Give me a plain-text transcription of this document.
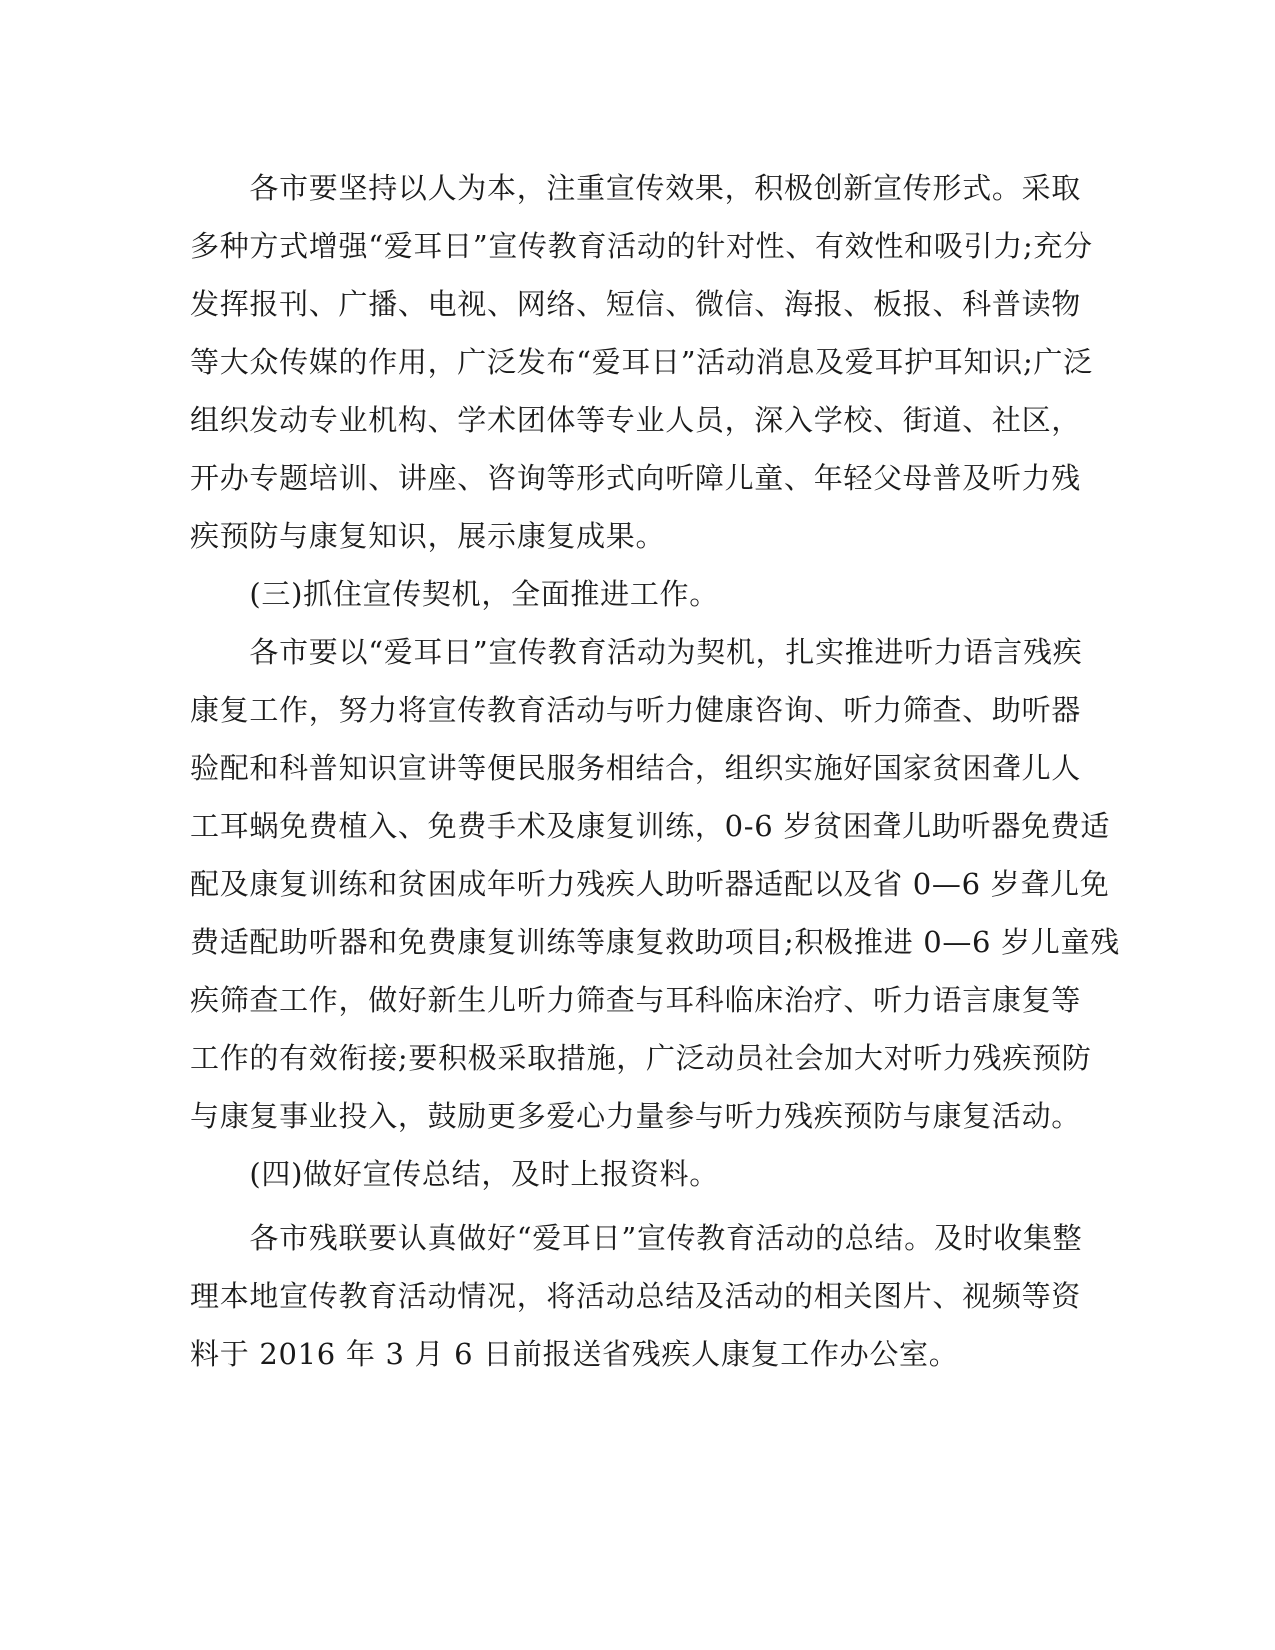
　　各市要坚持以人为本，注重宣传效果，积极创新宣传形式。采取
多种方式增强“爱耳日”宣传教育活动的针对性、有效性和吸引力;充分
发挥报刊、广播、电视、网络、短信、微信、海报、板报、科普读物
等大众传媒的作用，广泛发布“爱耳日”活动消息及爱耳护耳知识;广泛
组织发动专业机构、学术团体等专业人员，深入学校、街道、社区，
开办专题培训、讲座、咨询等形式向听障儿童、年轻父母普及听力残
疾预防与康复知识，展示康复成果。
　　(三)抓住宣传契机，全面推进工作。
　　各市要以“爱耳日”宣传教育活动为契机，扎实推进听力语言残疾
康复工作，努力将宣传教育活动与听力健康咨询、听力筛查、助听器
验配和科普知识宣讲等便民服务相结合，组织实施好国家贫困聋儿人
工耳蜗免费植入、免费手术及康复训练，0-6 岁贫困聋儿助听器免费适
配及康复训练和贫困成年听力残疾人助听器适配以及省 0—6 岁聋儿免
费适配助听器和免费康复训练等康复救助项目;积极推进 0—6 岁儿童残
疾筛查工作，做好新生儿听力筛查与耳科临床治疗、听力语言康复等
工作的有效衔接;要积极采取措施，广泛动员社会加大对听力残疾预防
与康复事业投入，鼓励更多爱心力量参与听力残疾预防与康复活动。
　　(四)做好宣传总结，及时上报资料。
　　各市残联要认真做好“爱耳日”宣传教育活动的总结。及时收集整
理本地宣传教育活动情况，将活动总结及活动的相关图片、视频等资
料于 2016 年 3 月 6 日前报送省残疾人康复工作办公室。
